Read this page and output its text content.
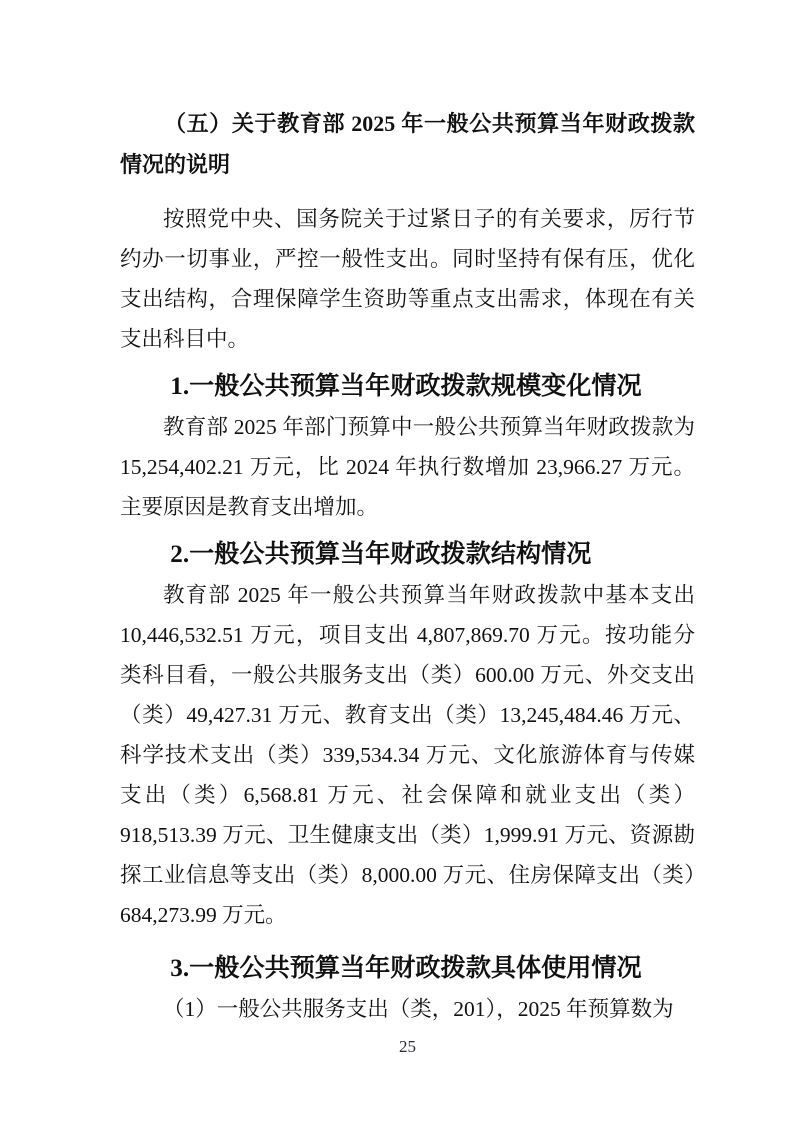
（五）关于教育部 2025 年一般公共预算当年财政拨款情况的说明

按照党中央、国务院关于过紧日子的有关要求，厉行节约办一切事业，严控一般性支出。同时坚持有保有压，优化支出结构，合理保障学生资助等重点支出需求，体现在有关支出科目中。

1.一般公共预算当年财政拨款规模变化情况

教育部 2025 年部门预算中一般公共预算当年财政拨款为 15,254,402.21 万元，比 2024 年执行数增加 23,966.27 万元。主要原因是教育支出增加。

2.一般公共预算当年财政拨款结构情况

教育部 2025 年一般公共预算当年财政拨款中基本支出 10,446,532.51 万元，项目支出 4,807,869.70 万元。按功能分类科目看，一般公共服务支出（类）600.00 万元、外交支出（类）49,427.31 万元、教育支出（类）13,245,484.46 万元、科学技术支出（类）339,534.34 万元、文化旅游体育与传媒支出（类）6,568.81 万元、社会保障和就业支出（类）918,513.39 万元、卫生健康支出（类）1,999.91 万元、资源勘探工业信息等支出（类）8,000.00 万元、住房保障支出（类）684,273.99 万元。

3.一般公共预算当年财政拨款具体使用情况

（1）一般公共服务支出（类，201），2025 年预算数为

25
